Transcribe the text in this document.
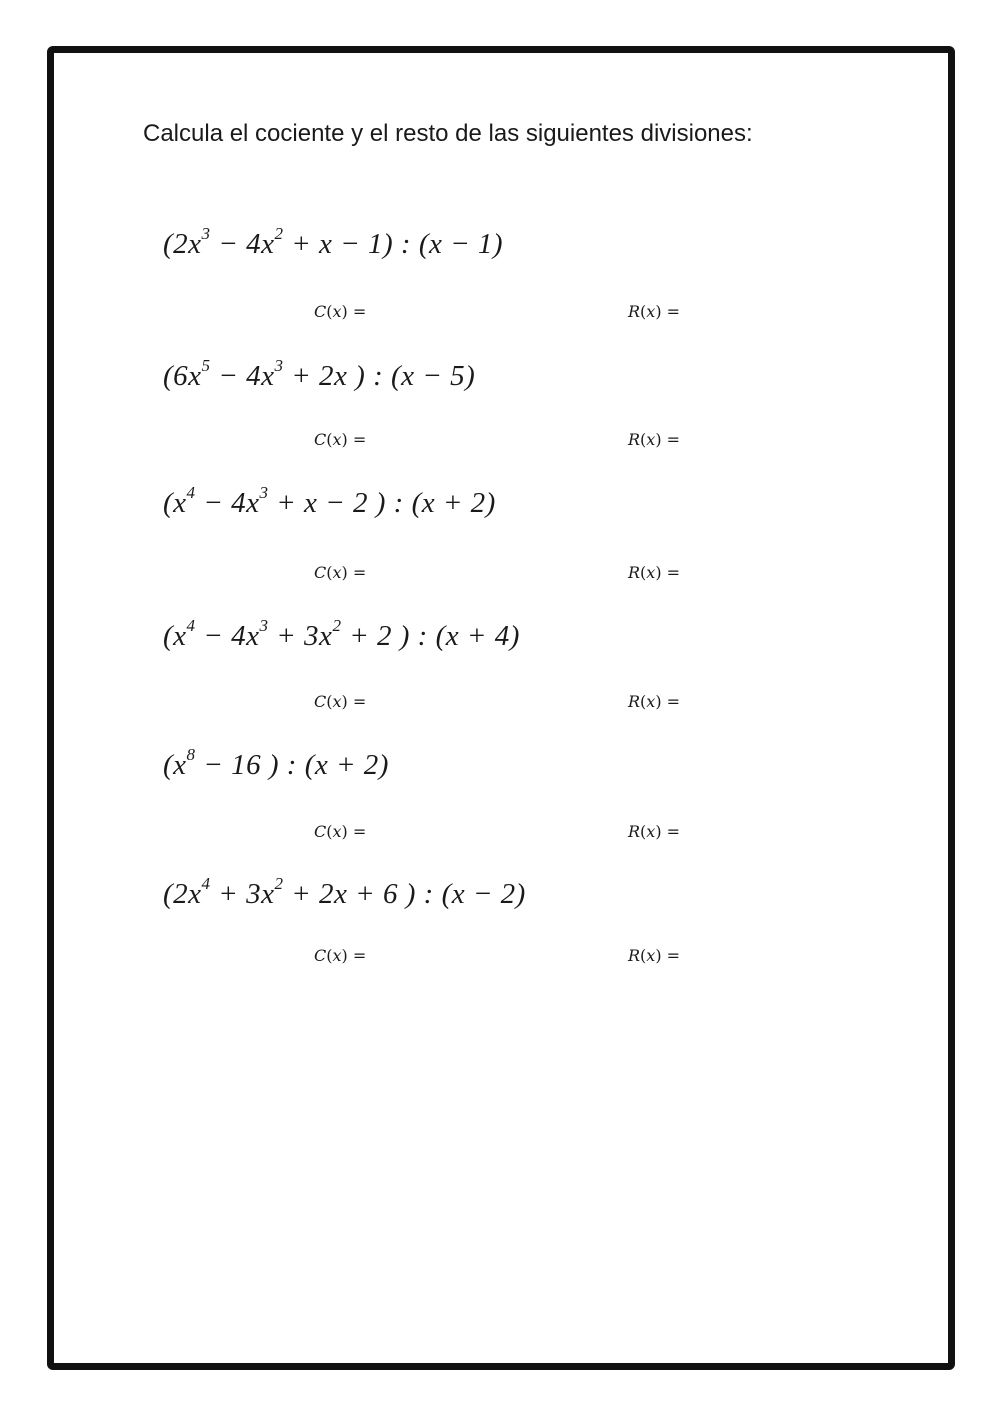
Calcula el cociente y el resto de las siguientes divisiones:
$(2x^3 - 4x^2 + x - 1)$ : (x − 1)
C(x) =	R(x) =
($6x^5 - 4x^3 + 2x$ ) : (x − 5)
C(x) =	R(x) =
($x^4 - 4x^3 + x - 2$ ) : (x + 2)
C(x) =	R(x) =
($x^4 - 4x^3 + 3x^2 + 2$ ) : (x + 4)
C(x) =	R(x) =
($x^8 - 16$ ) : (x + 2)
C(x) =	R(x) =
($2x^4 + 3x^2 + 2x + 6$ ) : (x − 2)
C(x) =	R(x) =
